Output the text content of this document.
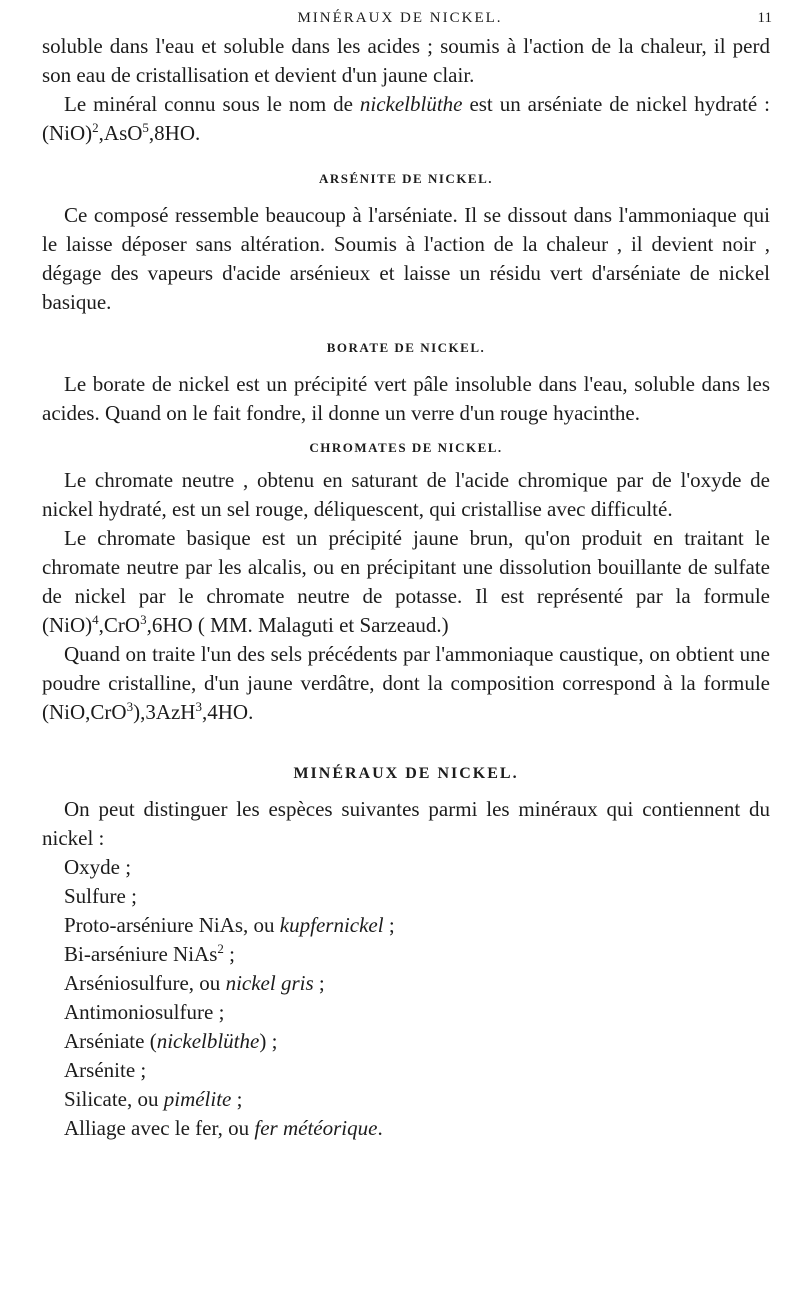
MINÉRAUX DE NICKEL.	11

soluble dans l'eau et soluble dans les acides ; soumis à l'action de la chaleur, il perd son eau de cristallisation et devient d'un jaune clair.

Le minéral connu sous le nom de nickelblüthe est un arséniate de nickel hydraté : (NiO)$^2$,AsO$^5$,8HO.

ARSÉNITE DE NICKEL.

Ce composé ressemble beaucoup à l'arséniate. Il se dissout dans l'ammoniaque qui le laisse déposer sans altération. Soumis à l'action de la chaleur , il devient noir , dégage des vapeurs d'acide arsénieux et laisse un résidu vert d'arséniate de nickel basique.

BORATE DE NICKEL.

Le borate de nickel est un précipité vert pâle insoluble dans l'eau, soluble dans les acides. Quand on le fait fondre, il donne un verre d'un rouge hyacinthe.

CHROMATES DE NICKEL.

Le chromate neutre , obtenu en saturant de l'acide chromique par de l'oxyde de nickel hydraté, est un sel rouge, déliquescent, qui cristallise avec difficulté.

Le chromate basique est un précipité jaune brun, qu'on produit en traitant le chromate neutre par les alcalis, ou en précipitant une dissolution bouillante de sulfate de nickel par le chromate neutre de potasse. Il est représenté par la formule (NiO)$^4$,CrO$^3$,6HO ( MM. Malaguti et Sarzeaud.)

Quand on traite l'un des sels précédents par l'ammoniaque caustique, on obtient une poudre cristalline, d'un jaune verdâtre, dont la composition correspond à la formule (NiO,CrO$^3$),3AzH$^3$,4HO.

MINÉRAUX DE NICKEL.

On peut distinguer les espèces suivantes parmi les minéraux qui contiennent du nickel :

Oxyde ;

Sulfure ;

Proto-arséniure NiAs, ou kupfernickel ;

Bi-arséniure NiAs$^2$ ;

Arséniosulfure, ou nickel gris ;

Antimoniosulfure ;

Arséniate (nickelblüthe) ;

Arsénite ;

Silicate, ou pimélite ;

Alliage avec le fer, ou fer météorique.
